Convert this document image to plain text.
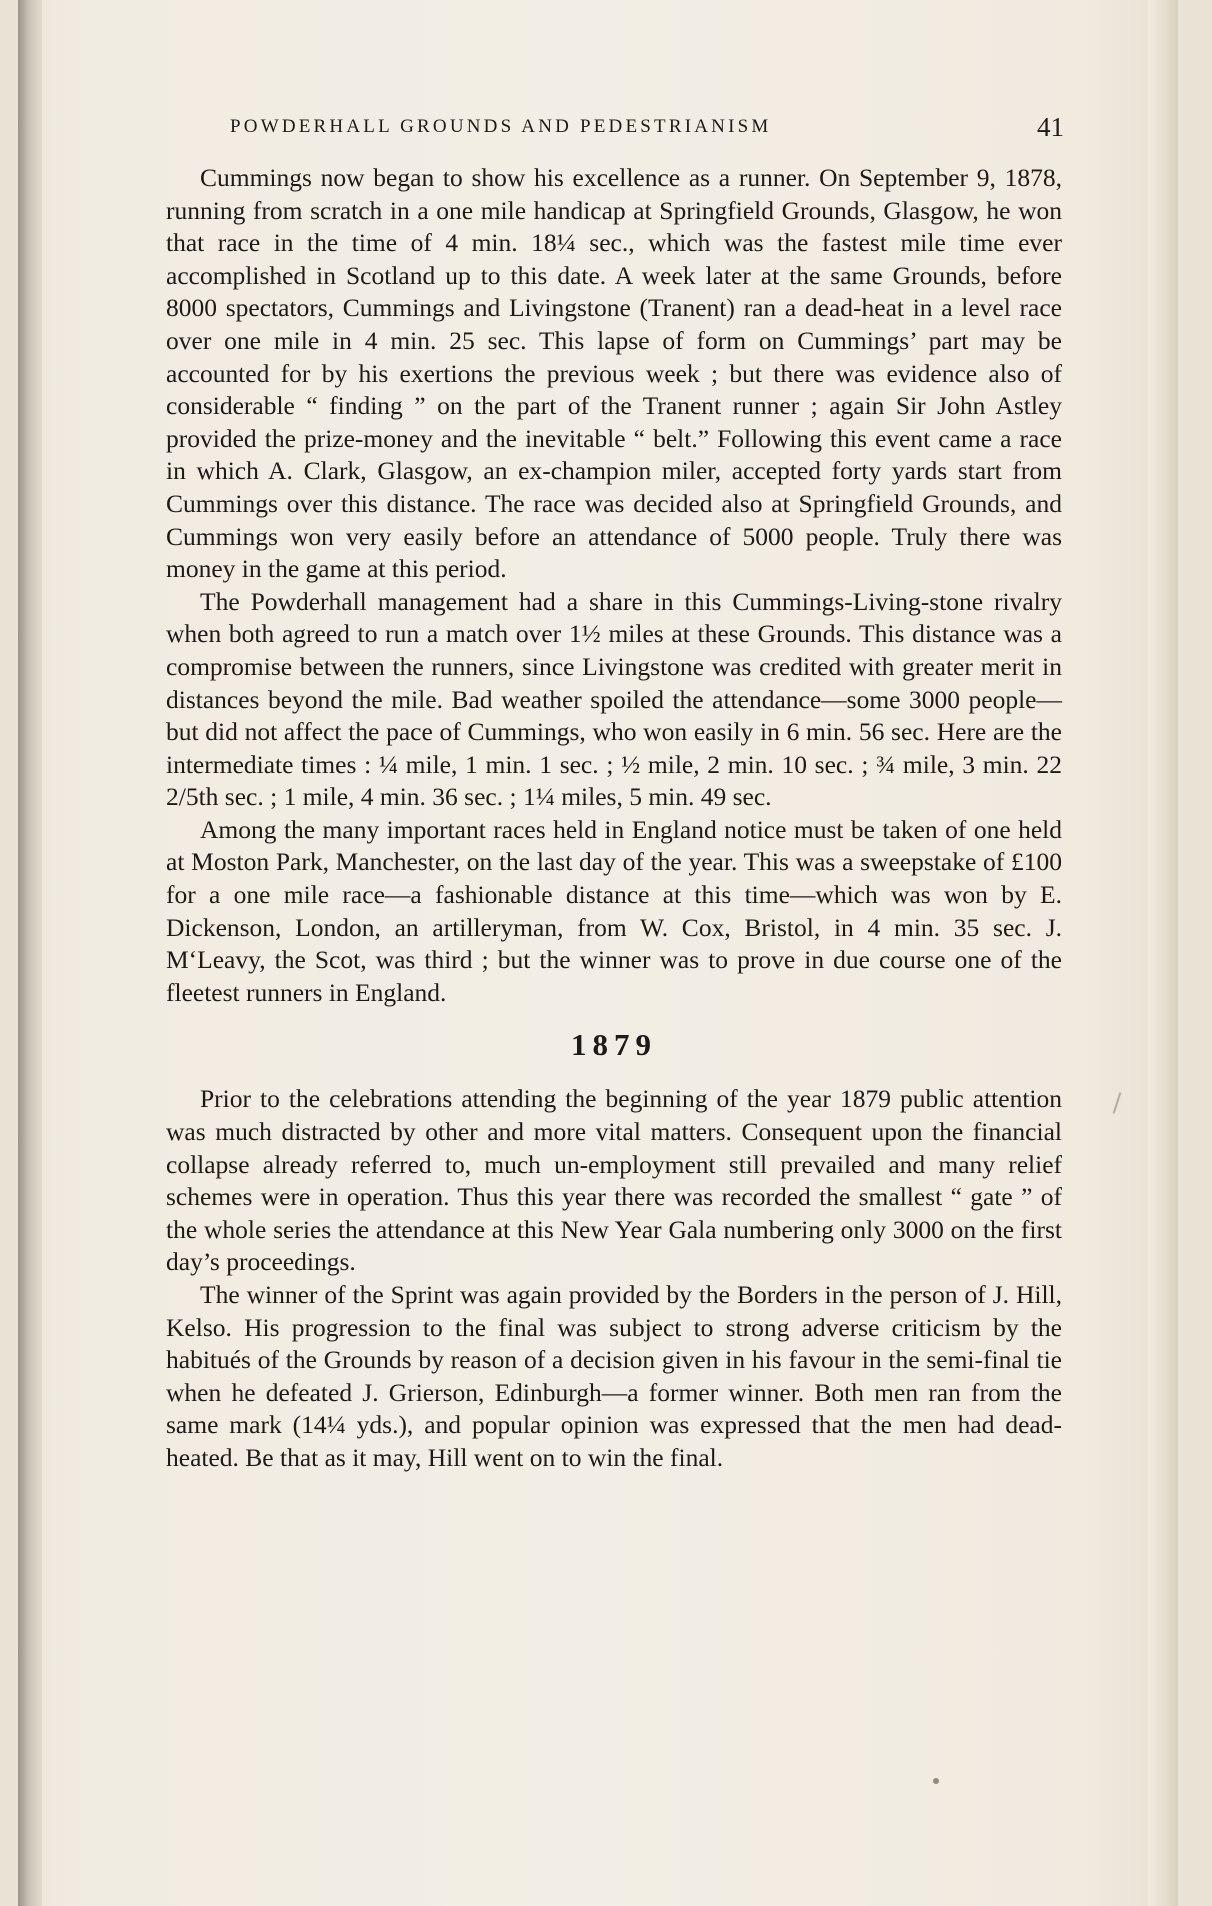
POWDERHALL GROUNDS AND PEDESTRIANISM	41

Cummings now began to show his excellence as a runner. On September 9, 1878, running from scratch in a one mile handicap at Springfield Grounds, Glasgow, he won that race in the time of 4 min. 18¼ sec., which was the fastest mile time ever accomplished in Scotland up to this date. A week later at the same Grounds, before 8000 spectators, Cummings and Livingstone (Tranent) ran a dead-heat in a level race over one mile in 4 min. 25 sec. This lapse of form on Cummings’ part may be accounted for by his exertions the previous week ; but there was evidence also of considerable “ finding ” on the part of the Tranent runner ; again Sir John Astley provided the prize-money and the inevitable “ belt.” Following this event came a race in which A. Clark, Glasgow, an ex-champion miler, accepted forty yards start from Cummings over this distance. The race was decided also at Springfield Grounds, and Cummings won very easily before an attendance of 5000 people. Truly there was money in the game at this period.

The Powderhall management had a share in this Cummings-Living-stone rivalry when both agreed to run a match over 1½ miles at these Grounds. This distance was a compromise between the runners, since Livingstone was credited with greater merit in distances beyond the mile. Bad weather spoiled the attendance—some 3000 people—but did not affect the pace of Cummings, who won easily in 6 min. 56 sec. Here are the intermediate times : ¼ mile, 1 min. 1 sec. ; ½ mile, 2 min. 10 sec. ; ¾ mile, 3 min. 22 2/5th sec. ; 1 mile, 4 min. 36 sec. ; 1¼ miles, 5 min. 49 sec.

Among the many important races held in England notice must be taken of one held at Moston Park, Manchester, on the last day of the year. This was a sweepstake of £100 for a one mile race—a fashionable distance at this time—which was won by E. Dickenson, London, an artilleryman, from W. Cox, Bristol, in 4 min. 35 sec. J. M‘Leavy, the Scot, was third ; but the winner was to prove in due course one of the fleetest runners in England.

1879

Prior to the celebrations attending the beginning of the year 1879 public attention was much distracted by other and more vital matters. Consequent upon the financial collapse already referred to, much un-employment still prevailed and many relief schemes were in operation. Thus this year there was recorded the smallest “ gate ” of the whole series the attendance at this New Year Gala numbering only 3000 on the first day’s proceedings.

The winner of the Sprint was again provided by the Borders in the person of J. Hill, Kelso. His progression to the final was subject to strong adverse criticism by the habitués of the Grounds by reason of a decision given in his favour in the semi-final tie when he defeated J. Grierson, Edinburgh—a former winner. Both men ran from the same mark (14¼ yds.), and popular opinion was expressed that the men had dead-heated. Be that as it may, Hill went on to win the final.
